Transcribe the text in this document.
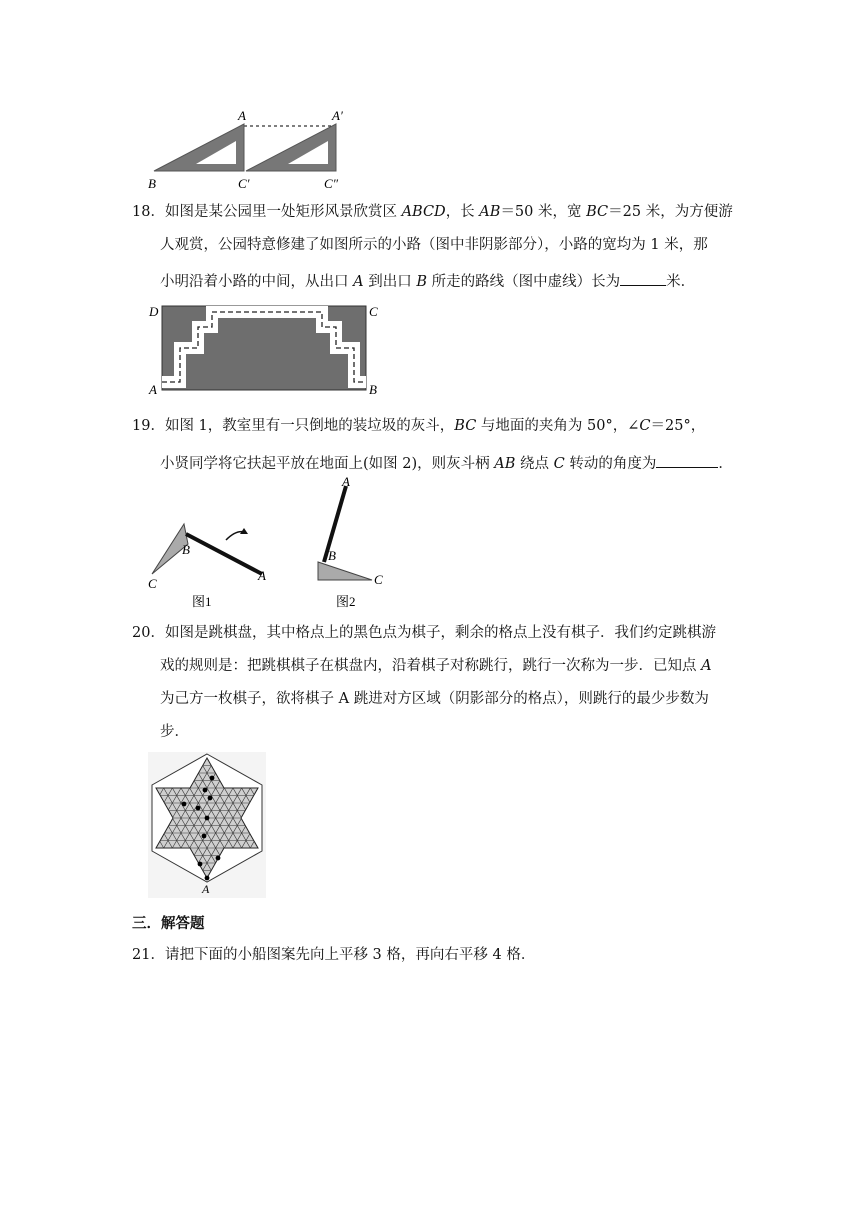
A	A′
B	C′	C″
18．如图是某公园里一处矩形风景欣赏区 ABCD，长 AB＝50 米，宽 BC＝25 米，为方便游
人观赏，公园特意修建了如图所示的小路（图中非阴影部分），小路的宽均为 1 米，那
小明沿着小路的中间，从出口 A 到出口 B 所走的路线（图中虚线）长为	米．
D	C
A	B
19．如图 1，教室里有一只倒地的装垃圾的灰斗，BC 与地面的夹角为 50°，∠C＝25°，
小贤同学将它扶起平放在地面上(如图 2)，则灰斗柄 AB 绕点 C 转动的角度为	．
B
C
A
图1
A
B
C
图2
20．如图是跳棋盘，其中格点上的黑色点为棋子，剩余的格点上没有棋子．我们约定跳棋游
戏的规则是：把跳棋棋子在棋盘内，沿着棋子对称跳行，跳行一次称为一步．已知点 A
为己方一枚棋子，欲将棋子 A 跳进对方区域（阴影部分的格点），则跳行的最少步数为
步．
A
三．解答题
21．请把下面的小船图案先向上平移 3 格，再向右平移 4 格．
